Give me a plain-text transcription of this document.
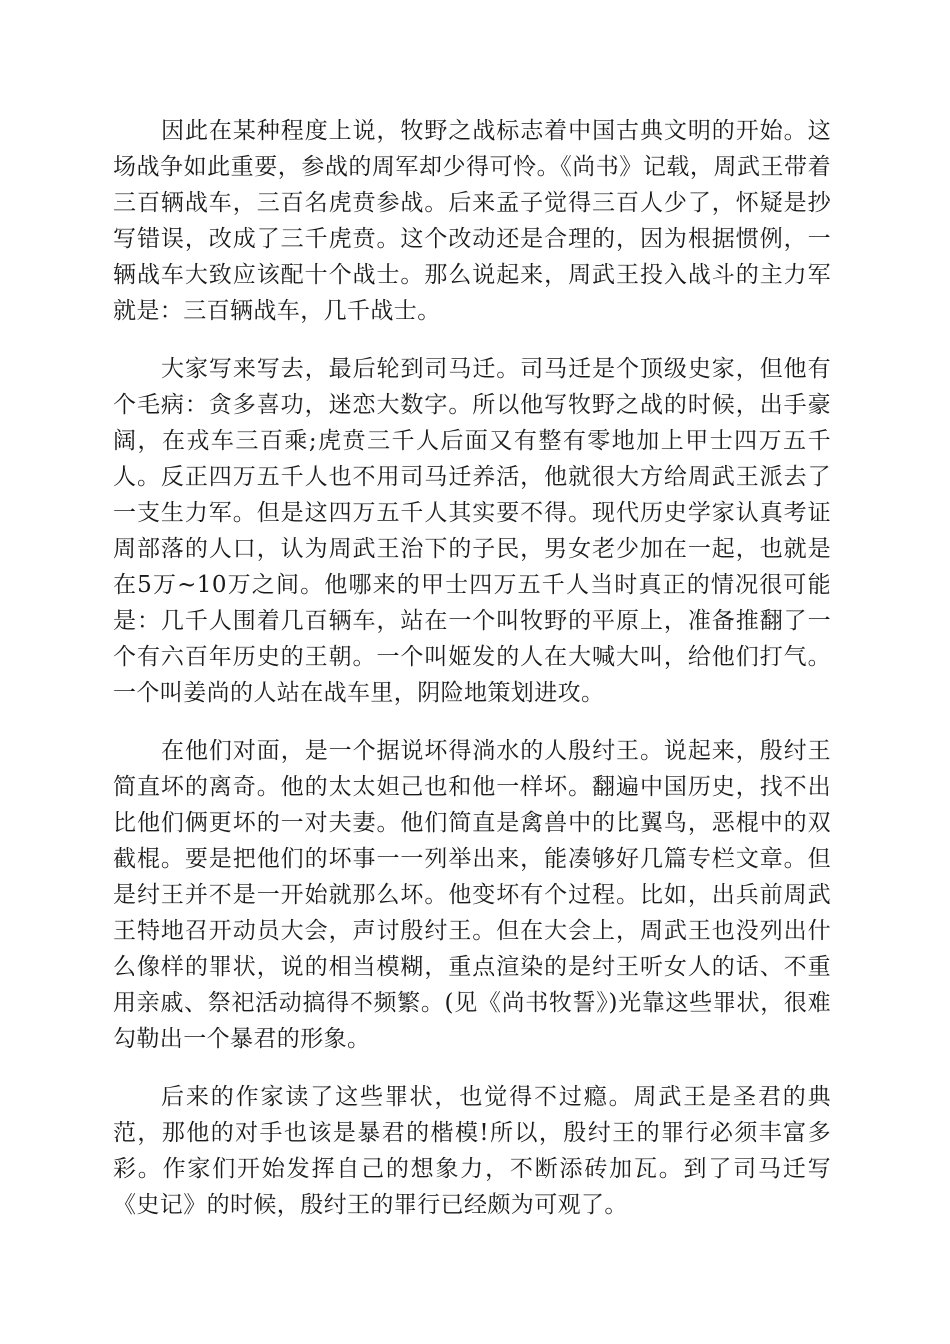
因此在某种程度上说，牧野之战标志着中国古典文明的开始。这场战争如此重要，参战的周军却少得可怜。《尚书》记载，周武王带着三百辆战车，三百名虎贲参战。后来孟子觉得三百人少了，怀疑是抄写错误，改成了三千虎贲。这个改动还是合理的，因为根据惯例，一辆战车大致应该配十个战士。那么说起来，周武王投入战斗的主力军就是：三百辆战车，几千战士。

大家写来写去，最后轮到司马迁。司马迁是个顶级史家，但他有个毛病：贪多喜功，迷恋大数字。所以他写牧野之战的时候，出手豪阔，在戎车三百乘;虎贲三千人后面又有整有零地加上甲士四万五千人。反正四万五千人也不用司马迁养活，他就很大方给周武王派去了一支生力军。但是这四万五千人其实要不得。现代历史学家认真考证周部落的人口，认为周武王治下的子民，男女老少加在一起，也就是在5万~10万之间。他哪来的甲士四万五千人当时真正的情况很可能是：几千人围着几百辆车，站在一个叫牧野的平原上，准备推翻了一个有六百年历史的王朝。一个叫姬发的人在大喊大叫，给他们打气。一个叫姜尚的人站在战车里，阴险地策划进攻。

在他们对面，是一个据说坏得淌水的人殷纣王。说起来，殷纣王简直坏的离奇。他的太太妲己也和他一样坏。翻遍中国历史，找不出比他们俩更坏的一对夫妻。他们简直是禽兽中的比翼鸟，恶棍中的双截棍。要是把他们的坏事一一列举出来，能凑够好几篇专栏文章。但是纣王并不是一开始就那么坏。他变坏有个过程。比如，出兵前周武王特地召开动员大会，声讨殷纣王。但在大会上，周武王也没列出什么像样的罪状，说的相当模糊，重点渲染的是纣王听女人的话、不重用亲戚、祭祀活动搞得不频繁。(见《尚书牧誓》)光靠这些罪状，很难勾勒出一个暴君的形象。

后来的作家读了这些罪状，也觉得不过瘾。周武王是圣君的典范，那他的对手也该是暴君的楷模!所以，殷纣王的罪行必须丰富多彩。作家们开始发挥自己的想象力，不断添砖加瓦。到了司马迁写《史记》的时候，殷纣王的罪行已经颇为可观了。
